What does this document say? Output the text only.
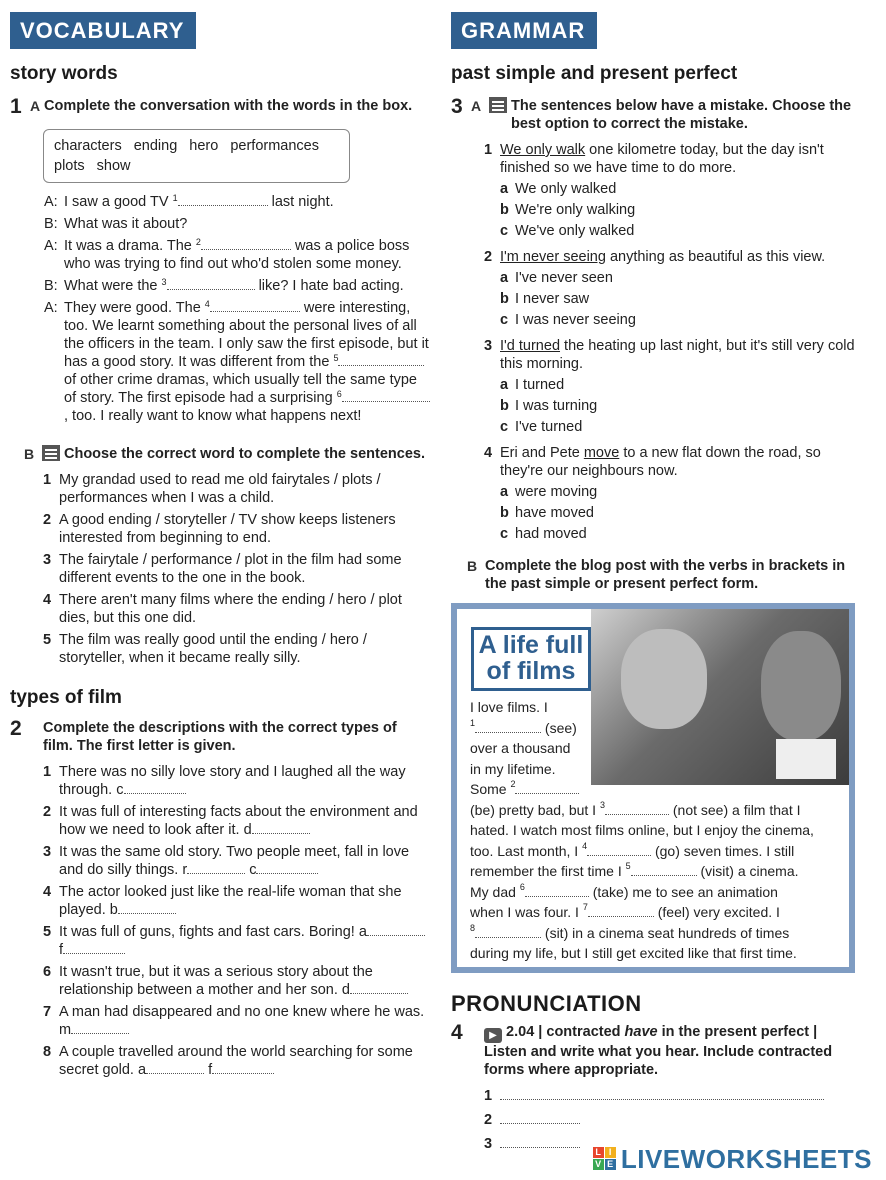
VOCABULARY
story words
1 A Complete the conversation with the words in the box.
characters ending hero performances plots show
A: I saw a good TV $^1$	last night.
B: What was it about?
A: It was a drama. The $^2$	was a police boss who was trying to find out who'd stolen some money.
B: What were the $^3$	like? I hate bad acting.
A: They were good. The $^4$	were interesting, too. We learnt something about the personal lives of all the officers in the team. I only saw the first episode, but it has a good story. It was different from the $^5$ of other crime dramas, which usually tell the same type of story. The first episode had a surprising $^6$, too. I really want to know what happens next!
B Choose the correct word to complete the sentences.
1 My grandad used to read me old fairytales / plots / performances when I was a child.
2 A good ending / storyteller / TV show keeps listeners interested from beginning to end.
3 The fairytale / performance / plot in the film had some different events to the one in the book.
4 There aren't many films where the ending / hero / plot dies, but this one did.
5 The film was really good until the ending / hero / storyteller, when it became really silly.
types of film
2	Complete the descriptions with the correct types of film. The first letter is given.
1 There was no silly love story and I laughed all the way through. c
2 It was full of interesting facts about the environment and how we need to look after it. d
3 It was the same old story. Two people meet, fall in love and do silly things. r	c
4 The actor looked just like the real-life woman that she played. b
5 It was full of guns, fights and fast cars. Boring! a f
6 It wasn't true, but it was a serious story about the relationship between a mother and her son. d
7 A man had disappeared and no one knew where he was. m
8 A couple travelled around the world searching for some secret gold. a	f
GRAMMAR
past simple and present perfect
3 A The sentences below have a mistake. Choose the best option to correct the mistake.
1 We only walk one kilometre today, but the day isn't finished so we have time to do more.
a We only walked
b We're only walking
c We've only walked
2 I'm never seeing anything as beautiful as this view.
a I've never seen
b I never saw
c I was never seeing
3 I'd turned the heating up last night, but it's still very cold this morning.
a I turned
b I was turning
c I've turned
4 Eri and Pete move to a new flat down the road, so they're our neighbours now.
a were moving
b have moved
c had moved
B Complete the blog post with the verbs in brackets in the past simple or present perfect form.
A life full of films
I love films. I
$^1$	(see)
over a thousand
in my lifetime.
Some $^2$
(be) pretty bad, but I $^3$	(not see) a film that I
hated. I watch most films online, but I enjoy the cinema,
too. Last month, I $^4$	(go) seven times. I still
remember the first time I $^5$	(visit) a cinema.
My dad $^6$	(take) me to see an animation
when I was four. I $^7$	(feel) very excited. I
$^8$	(sit) in a cinema seat hundreds of times
during my life, but I still get excited like that first time.
PRONUNCIATION
4	▶ 2.04 | contracted have in the present perfect |
Listen and write what you hear. Include contracted forms where appropriate.
1
2
3	L I
V E LIVEWORKSHEETS
